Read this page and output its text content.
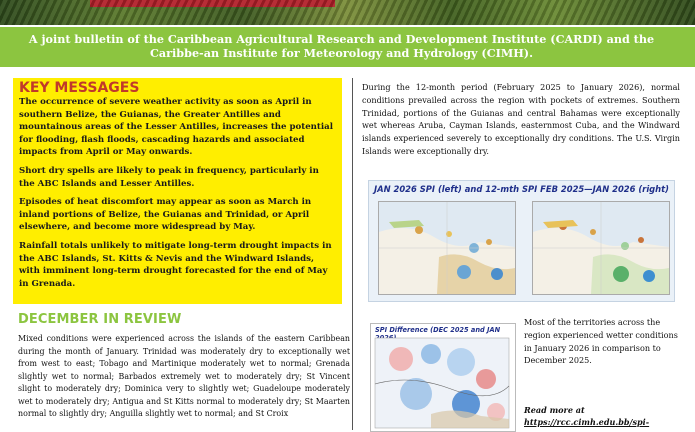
A joint bulletin of the Caribbean Agricultural Research and Development Institute (CARDI) and the Caribbe-an Institute for Meteorology and Hydrology (CIMH).

KEY MESSAGES

The occurrence of severe weather activity as soon as April in southern Belize, the Guianas, the Greater Antilles and mountainous areas of the Lesser Antilles, increases the potential for flooding, flash floods, cascading hazards and associated impacts from April or May onwards.

Short dry spells are likely to peak in frequency, particularly in the ABC Islands and Lesser Antilles.

Episodes of heat discomfort may appear as soon as March in inland portions of Belize, the Guianas and Trinidad, or April elsewhere, and become more widespread by May.

Rainfall totals unlikely to mitigate long-term drought impacts in the ABC Islands, St. Kitts & Nevis and the Windward Islands, with imminent long-term drought forecasted for the end of May in Grenada.

DECEMBER IN REVIEW
Mixed conditions were experienced across the islands of the eastern Caribbean during the month of January. Trinidad was moderately dry to exceptionally wet from west to east; Tobago and Martinique moderately wet to normal; Grenada slightly wet to normal; Barbados extremely wet to moderately dry; St Vincent slight to moderately dry; Dominica very to slightly wet; Guadeloupe moderately wet to moderately dry; Antigua and St Kitts normal to moderately dry; St Maarten normal to slightly dry; Anguilla slightly wet to normal; and St Croix
During the 12-month period (February 2025 to January 2026), normal conditions prevailed across the region with pockets of extremes. Southern Trinidad, portions of the Guianas and central Bahamas were exceptionally wet whereas Aruba, Cayman Islands, easternmost Cuba, and the Windward islands experienced severely to exceptionally dry conditions. The U.S. Virgin Islands were exceptionally dry.
JAN 2026 SPI (left) and 12-mth SPI FEB 2025—JAN 2026 (right)
SPI Difference (DEC 2025 and JAN
Most of the territories across the region experienced wetter conditions in January 2026 in comparison to December 2025.
Read more at https://rcc.cimh.edu.bb/spi-
